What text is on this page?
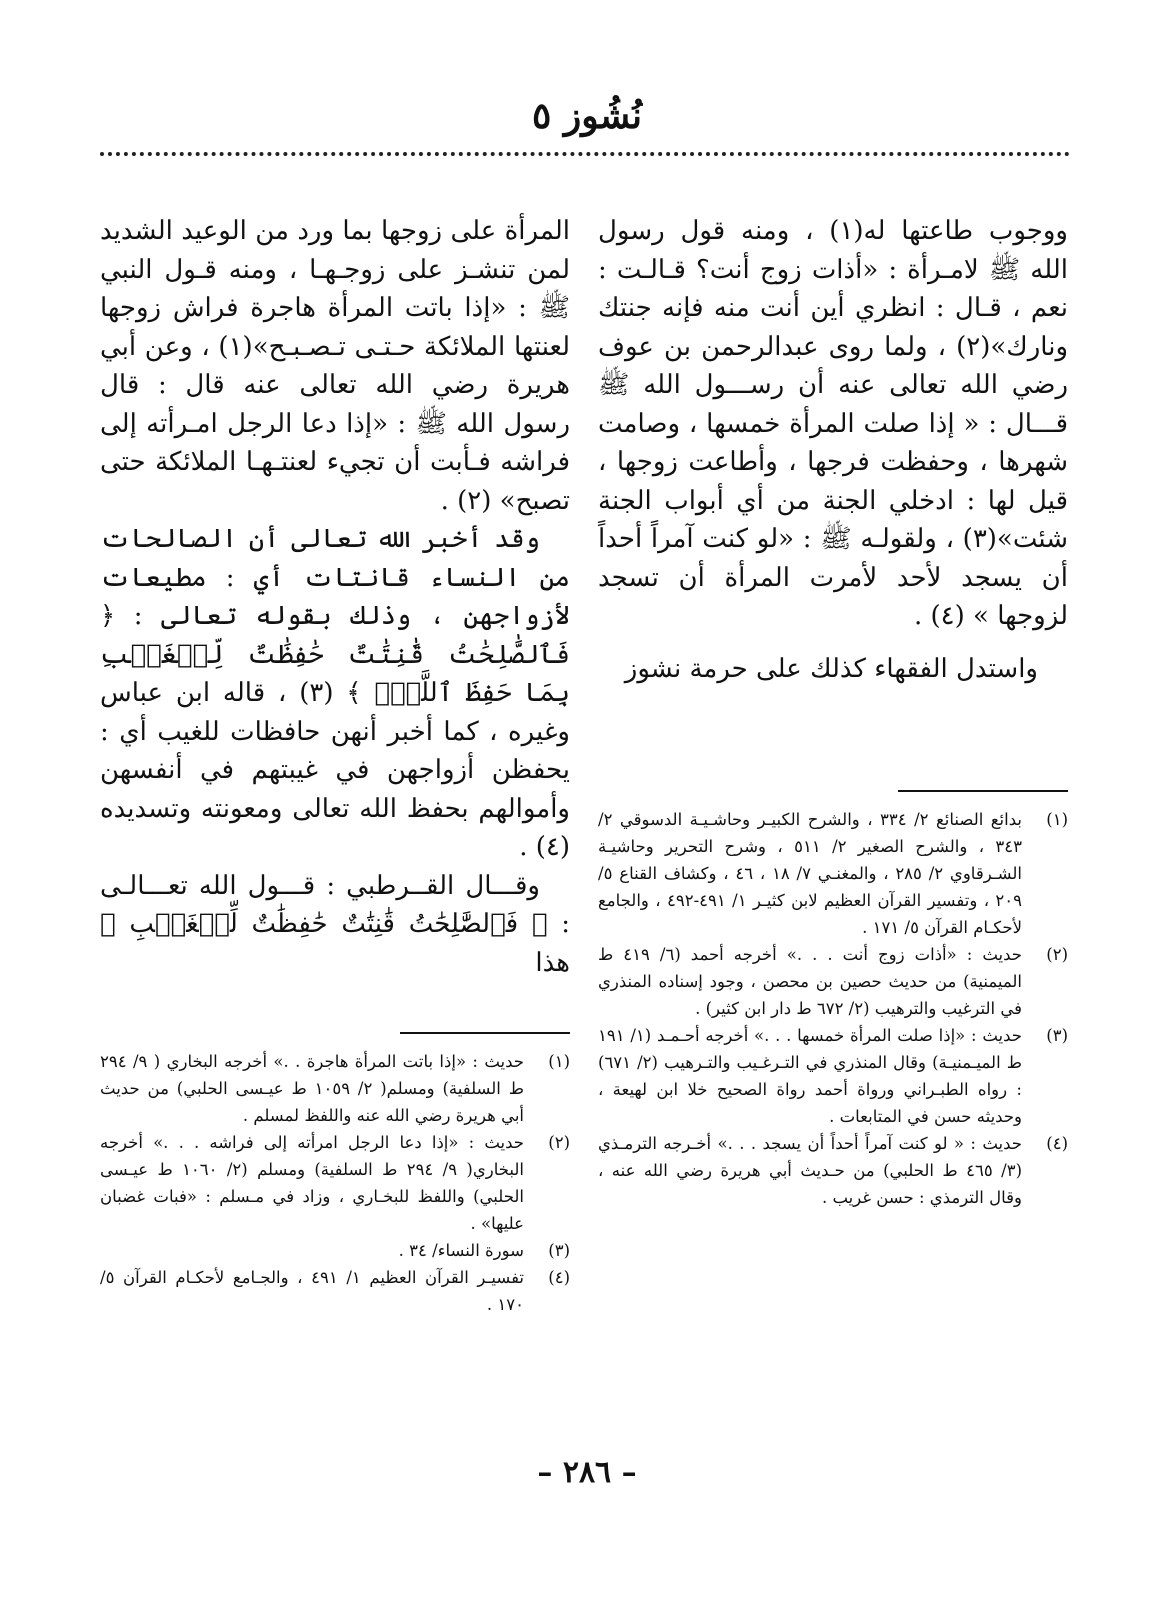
نُشُوز ٥

ووجوب طاعتها له(١) ، ومنه قول رسول الله ﷺ لامـرأة : «أذات زوج أنت؟ قـالـت : نعم ، قـال : انظري أين أنت منه فإنه جنتك ونارك»(٢) ، ولما روى عبدالرحمن بن عوف رضي الله تعالى عنه أن رســـول الله ﷺ قـــال : « إذا صلت المرأة خمسها ، وصامت شهرها ، وحفظت فرجها ، وأطاعت زوجها ، قيل لها : ادخلي الجنة من أي أبواب الجنة شئت»(٣) ، ولقولـه ﷺ : «لو كنت آمراً أحداً أن يسجد لأحد لأمرت المرأة أن تسجد لزوجها » (٤) .

واستدل الفقهاء كذلك على حرمة نشوز

(١)
بدائع الصنائع ٢/ ٣٣٤ ، والشرح الكبيـر وحاشـيـة الدسوقي ٢/ ٣٤٣ ، والشرح الصغير ٢/ ٥١١ ، وشرح التحرير وحاشيـة الشـرقاوي ٢/ ٢٨٥ ، والمغنـي ٧/ ١٨ ، ٤٦ ، وكشاف القناع ٥/ ٢٠٩ ، وتفسير القرآن العظيم لابن كثيـر ١/ ٤٩١-٤٩٢ ، والجامع لأحكـام القرآن ٥/ ١٧١ .
(٢)
حديث : «أذات زوج أنت . . .» أخرجه أحمد (٦/ ٤١٩ ط الميمنية) من حديث حصين بن محصن ، وجود إسناده المنذري في الترغيب والترهيب (٢/ ٦٧٢ ط دار ابن كثير) .
(٣)
حديث : «إذا صلت المرأة خمسها . . .» أخرجه أحـمـد (١/ ١٩١ ط الميـمنيـة) وقال المنذري في التـرغـيب والتـرهيب (٢/ ٦٧١) : رواه الطبـراني ورواة أحمد رواة الصحيح خلا ابن لهيعة ، وحديثه حسن في المتابعات .
(٤)
حديث : « لو كنت آمراً أحداً أن يسجد . . .» أخـرجه الترمـذي (٣/ ٤٦٥ ط الحلبي) من حـديث أبي هريرة رضي الله عنه ، وقال الترمذي : حسن غريب .

المرأة على زوجها بما ورد من الوعيد الشديد لمن تنشـز على زوجـهـا ، ومنه قـول النبي ﷺ : «إذا باتت المرأة هاجرة فراش زوجها لعنتها الملائكة حـتـى تـصـبـح»(١) ، وعن أبي هريرة رضي الله تعالى عنه قال : قال رسول الله ﷺ : «إذا دعا الرجل امـرأته إلى فراشه فـأبت أن تجيء لعنتـهـا الملائكة حتى تصبح» (٢) .

وقد أخبر الله تعالى أن الصالحات من النساء قانتات أي : مطيعات لأزواجهن ، وذلك بقوله تعالى : ﴿ فَٱلصَّٰلِحَٰتُ قَٰنِتَٰتٌ حَٰفِظَٰتٌ لِّلۡغَيۡبِ بِمَا حَفِظَ ٱللَّهُۚ ﴾ (٣) ، قاله ابن عباس وغيره ، كما أخبر أنهن حافظات للغيب أي : يحفظن أزواجهن في غيبتهم في أنفسهن وأموالهم بحفظ الله تعالى ومعونته وتسديده (٤) .

وقـــال القــرطبي : قـــول الله تعـــالـى : ﴿ فَٱلصَّٰلِحَٰتُ قَٰنِتَٰتٌ حَٰفِظَٰتٌ لِّلۡغَيۡبِ ﴾ هذا

(١)
حديث : «إذا باتت المرأة هاجرة . .» أخرجه البخاري ( ٩/ ٢٩٤ ط السلفية) ومسلم( ٢/ ١٠٥٩ ط عيـسى الحلبي) من حديث أبي هريرة رضي الله عنه واللفظ لمسلم .
(٢)
حديث : «إذا دعا الرجل امرأته إلى فراشه . . .» أخرجه البخاري( ٩/ ٢٩٤ ط السلفية) ومسلم (٢/ ١٠٦٠ ط عيـسى الحلبي) واللفظ للبخـاري ، وزاد في مـسلم : «فبات غضبان عليها» .
(٣)
سورة النساء/ ٣٤ .
(٤)
تفسيـر القرآن العظيم ١/ ٤٩١ ، والجـامع لأحكـام القرآن ٥/ ١٧٠ .
– ٢٨٦ –
